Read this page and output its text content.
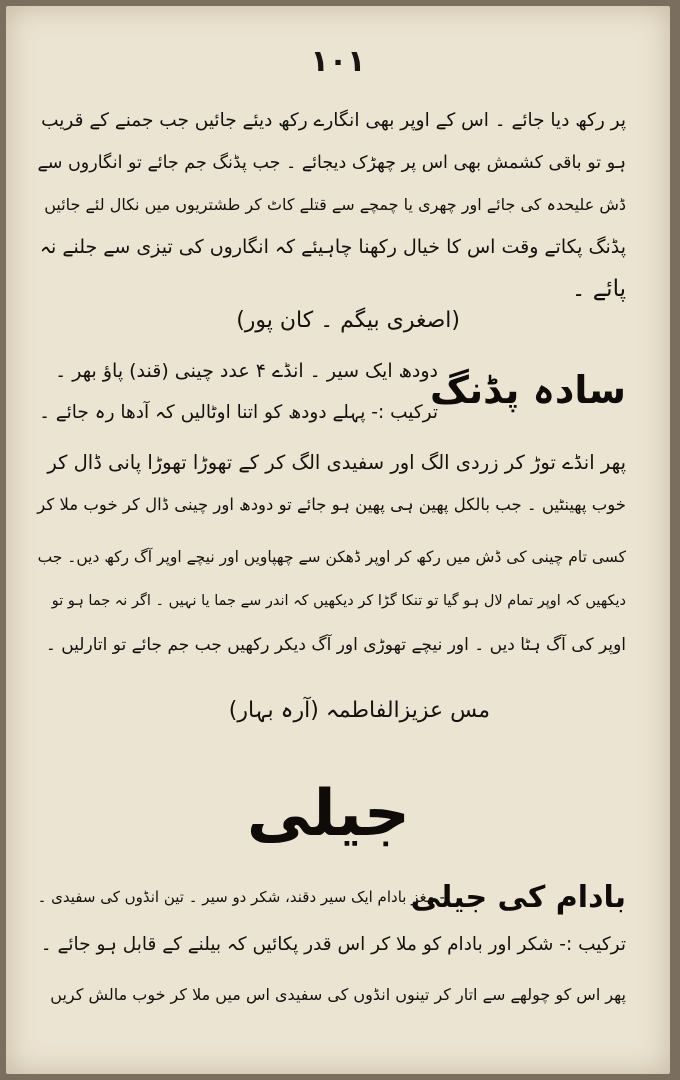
۱۰۱
پر رکھ دیا جائے ۔ اس کے اوپر بھی انگارے رکھ دیئے جائیں جب جمنے کے قریب
ہو تو باقی کشمش بھی اس پر چھڑک دیجائے ۔ جب پڈنگ جم جائے تو انگاروں سے
ڈش علیحدہ کی جائے اور چھری یا چمچے سے قتلے کاٹ کر طشتریوں میں نکال لئے جائیں
پڈنگ پکاتے وقت اس کا خیال رکھنا چاہیئے کہ انگاروں کی تیزی سے جلنے نہ
پائے ۔
(اصغری بیگم ۔ کان پور)
سادہ پڈنگ
دودھ ایک سیر ۔ انڈے ۴ عدد چینی (قند) پاؤ بھر ۔
ترکیب :- پہلے دودھ کو اتنا اوٹالیں کہ آدھا رہ جائے ۔
پھر انڈے توڑ کر زردی الگ اور سفیدی الگ کر کے تھوڑا تھوڑا پانی ڈال کر
خوب پھینٹیں ۔ جب بالکل پھین ہی پھین ہو جائے تو دودھ اور چینی ڈال کر خوب ملا کر
کسی تام چینی کی ڈش میں رکھ کر اوپر ڈھکن سے چھپاویں اور نیچے اوپر آگ رکھ دیں۔ جب
دیکھیں کہ اوپر تمام لال ہو گیا تو تنکا گڑا کر دیکھیں کہ اندر سے جما یا نہیں ۔ اگر نہ جما ہو تو
اوپر کی آگ ہٹا دیں ۔ اور نیچے تھوڑی اور آگ دیکر رکھیں جب جم جائے تو اتارلیں ۔
مس عزیزالفاطمہ (آرہ بہار)
جیلی
بادام کی جیلی
:- مغز بادام ایک سیر دقند، شکر دو سیر ۔ تین انڈوں کی سفیدی ۔
ترکیب :- شکر اور بادام کو ملا کر اس قدر پکائیں کہ بیلنے کے قابل ہو جائے ۔
پھر اس کو چولھے سے اتار کر تینوں انڈوں کی سفیدی اس میں ملا کر خوب مالش کریں
